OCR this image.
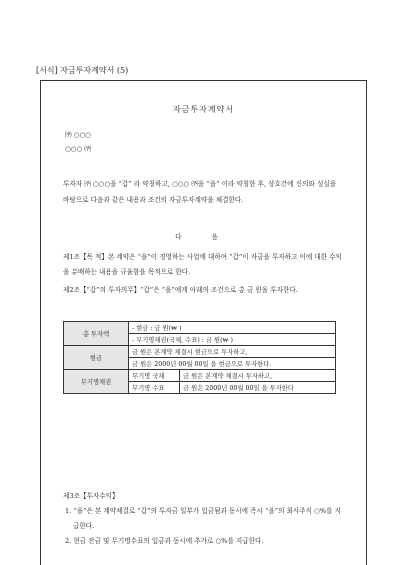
[서식] 자금투자계약서 (5)
자금투자계약서
㈜ ○○○
○○○ ㈜
투자자 ㈜ ○○○을 “갑” 라 약칭하고, ○○○ ㈜을 “을” 이라 약칭한 후, 상호간에 신의와 성실을 바탕으로 다음과 같은 내용과 조건의 자금투자계약을 체결한다.
다 음
제1조【목 적】본 계약은 “을”이 경영하는 사업에 대하여 “갑”이 자금을 투자하고 이에 대한 수익을 분배하는 내용을 규율함을 목적으로 한다.
제2조【“갑”의 투자의무】“갑”은 “을”에게 아래의 조건으로 총 금 원을 투자한다.
총 투자액	- 현금 : 금 원(₩ )	
	- 무기명채권(국채, 수표) : 금 원(₩ )	
현금	금 원은 본계약 체결시 현금으로 투자하고,	
	금 원은 2000년 00월 00일 을 현금으로 투자한다.	
무기명채권	무기명 국채	금 원은 본계약 체결시 투자하고,
	무기명 수표	금 원은 2000년 00월 00일 을 투자한다
제3조【투자수익】
1. “을”은 본 계약체결로 “갑”의 투자금 일부가 입금됨과 동시에 즉시 “을”의 최사주식 ○%를 지급한다.
2. 현금 잔금 및 무기명수표의 입금과 동시에 추가로 ○%를 지급한다.
